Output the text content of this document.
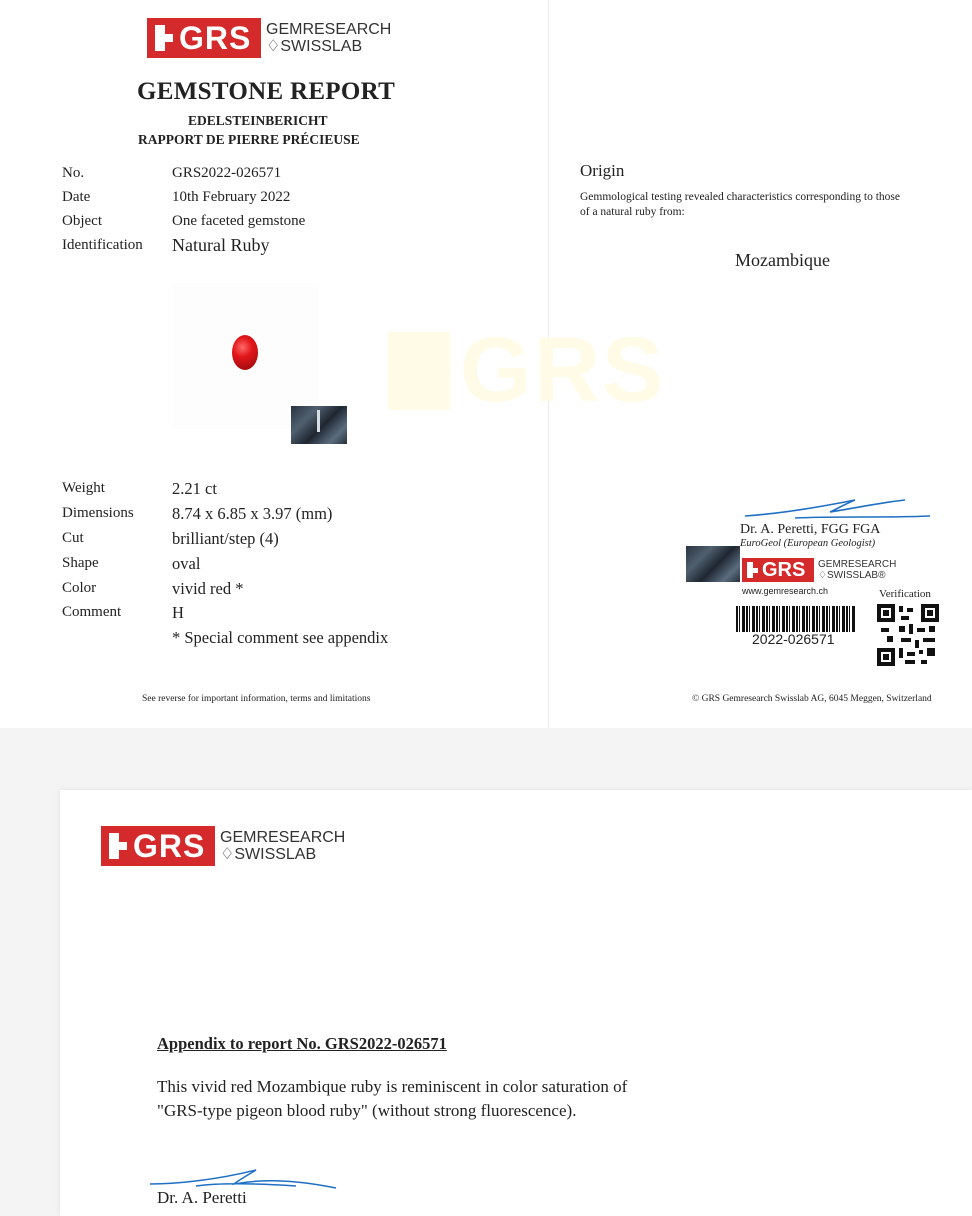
GRS GEMRESEARCH
♢SWISSLAB
GEMSTONE REPORT
EDELSTEINBERICHT
RAPPORT DE PIERRE PRÉCIEUSE
No.	GRS2022-026571
Date	10th February 2022
Object	One faceted gemstone
Identification Natural Ruby
GRS
Weight	2.21 ct
Dimensions 8.74 x 6.85 x 3.97 (mm)
Cut	brilliant/step (4)
Shape	oval
Color	vivid red *
Comment	H
* Special comment see appendix
See reverse for important information, terms and limitations
Origin
Gemmological testing revealed characteristics corresponding to those
of a natural ruby from:
Mozambique
Dr. A. Peretti, FGG FGA
EuroGeol (European Geologist)
GRS GEMRESEARCH
♢SWISSLAB®
www.gemresearch.ch	Verification
2022-026571
© GRS Gemresearch Swisslab AG, 6045 Meggen, Switzerland
GRS GEMRESEARCH
♢SWISSLAB
Appendix to report No. GRS2022-026571
This vivid red Mozambique ruby is reminiscent in color saturation of
"GRS-type pigeon blood ruby" (without strong fluorescence).
Dr. A. Peretti
